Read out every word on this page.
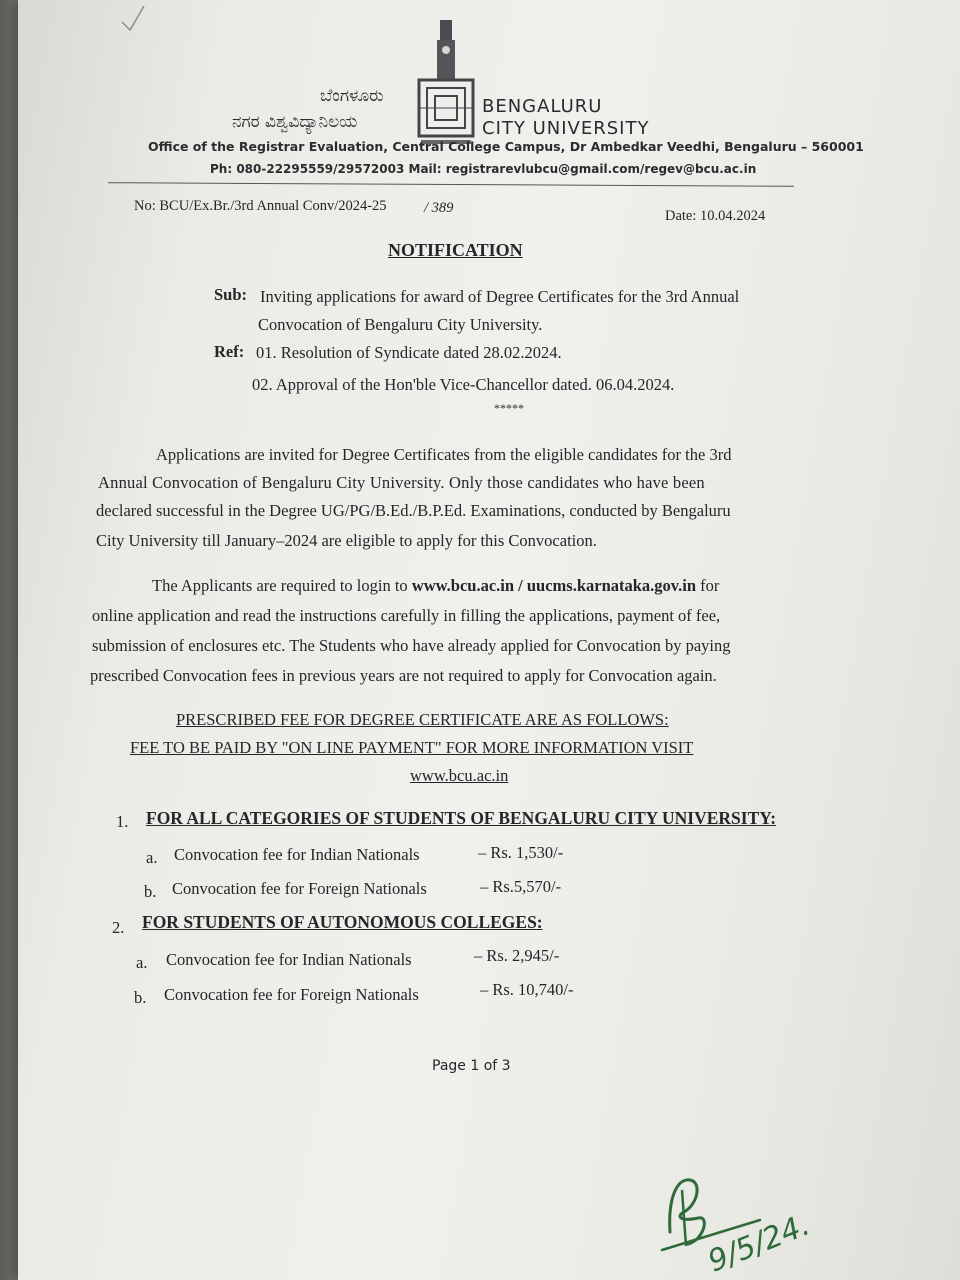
ಬೆಂಗಳೂರು
ನಗರ ವಿಶ್ವವಿದ್ಯಾನಿಲಯ
BENGALURU
CITY UNIVERSITY
Office of the Registrar Evaluation, Central College Campus, Dr Ambedkar Veedhi, Bengaluru – 560001
Ph: 080-22295559/29572003 Mail: registrarevlubcu@gmail.com/regev@bcu.ac.in
No: BCU/Ex.Br./3rd Annual Conv/2024-25	/ 389	Date: 10.04.2024
NOTIFICATION
Sub: Inviting applications for award of Degree Certificates for the 3rd Annual
Convocation of Bengaluru City University.
Ref: 01. Resolution of Syndicate dated 28.02.2024.
02. Approval of the Hon'ble Vice-Chancellor dated. 06.04.2024.
*****
Applications are invited for Degree Certificates from the eligible candidates for the 3rd
Annual Convocation of Bengaluru City University. Only those candidates who have been
declared successful in the Degree UG/PG/B.Ed./B.P.Ed. Examinations, conducted by Bengaluru
City University till January–2024 are eligible to apply for this Convocation.
The Applicants are required to login to www.bcu.ac.in / uucms.karnataka.gov.in for
online application and read the instructions carefully in filling the applications, payment of fee,
submission of enclosures etc. The Students who have already applied for Convocation by paying
prescribed Convocation fees in previous years are not required to apply for Convocation again.
PRESCRIBED FEE FOR DEGREE CERTIFICATE ARE AS FOLLOWS:
FEE TO BE PAID BY "ON LINE PAYMENT" FOR MORE INFORMATION VISIT
www.bcu.ac.in
1. FOR ALL CATEGORIES OF STUDENTS OF BENGALURU CITY UNIVERSITY:
a. Convocation fee for Indian Nationals	– Rs. 1,530/-
b. Convocation fee for Foreign Nationals	– Rs.5,570/-
2. FOR STUDENTS OF AUTONOMOUS COLLEGES:
a. Convocation fee for Indian Nationals	– Rs. 2,945/-
b. Convocation fee for Foreign Nationals	– Rs. 10,740/-
Page 1 of 3
9/5/24.
